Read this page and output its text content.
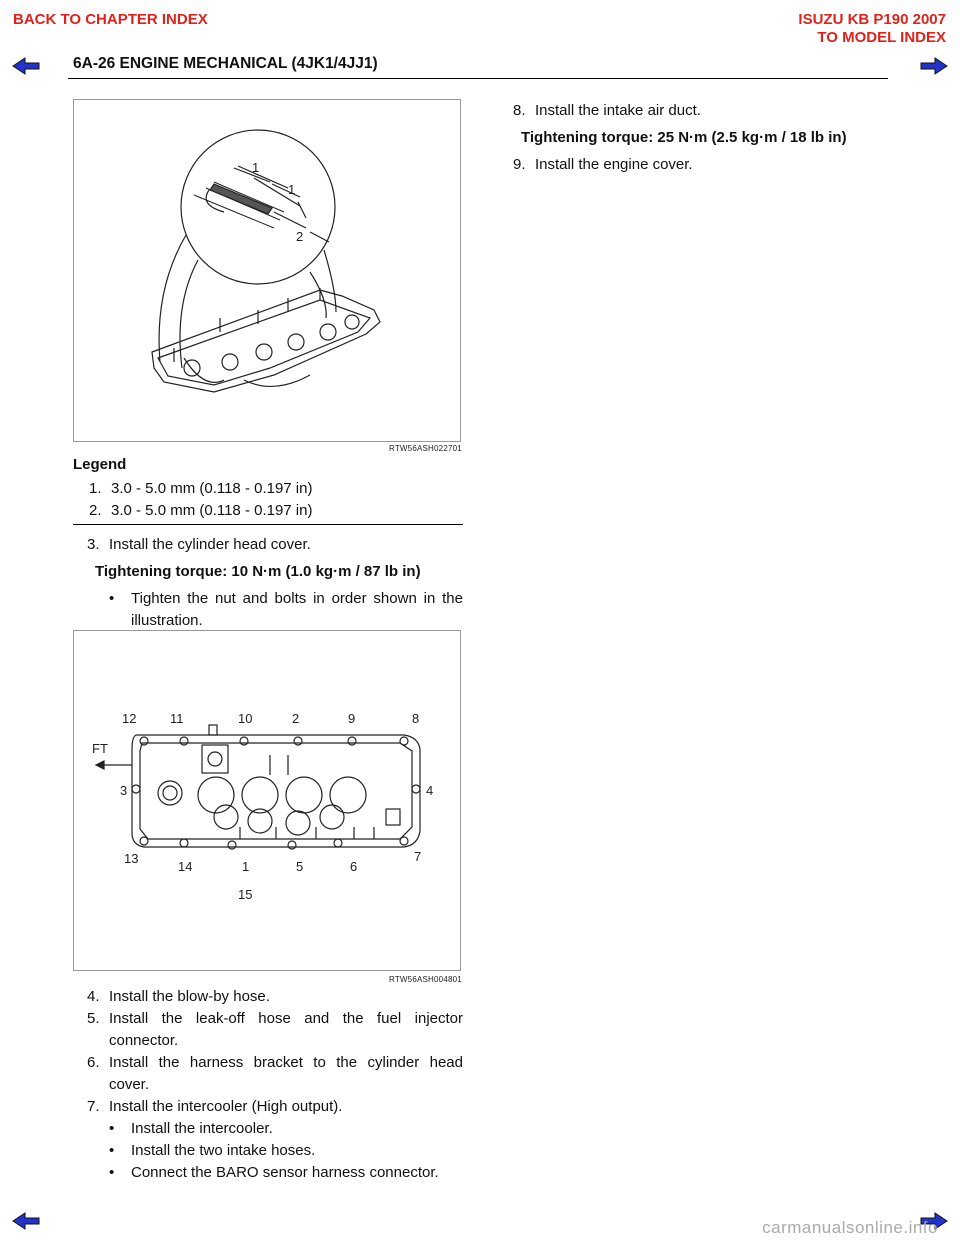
BACK TO CHAPTER INDEX	ISUZU KB P190 2007
TO MODEL INDEX
6A-26 ENGINE MECHANICAL (4JK1/4JJ1)
1
1
2
RTW56ASH022701
Legend
1. 3.0 - 5.0 mm (0.118 - 0.197 in)
2. 3.0 - 5.0 mm (0.118 - 0.197 in)
3. Install the cylinder head cover.
Tightening torque: 10 N·m (1.0 kg·m / 87 lb in)
• Tighten the nut and bolts in order shown in the illustration.
FT
12	11	10	2	9	8
3	4
13
14	1	5	6
7
15
RTW56ASH004801
4. Install the blow-by hose.
5. Install the leak-off hose and the fuel injector connector.
6. Install the harness bracket to the cylinder head cover.
7. Install the intercooler (High output).
• Install the intercooler.
• Install the two intake hoses.
• Connect the BARO sensor harness connector.
8. Install the intake air duct.
Tightening torque: 25 N·m (2.5 kg·m / 18 lb in)
9. Install the engine cover.
carmanualsonline.info
